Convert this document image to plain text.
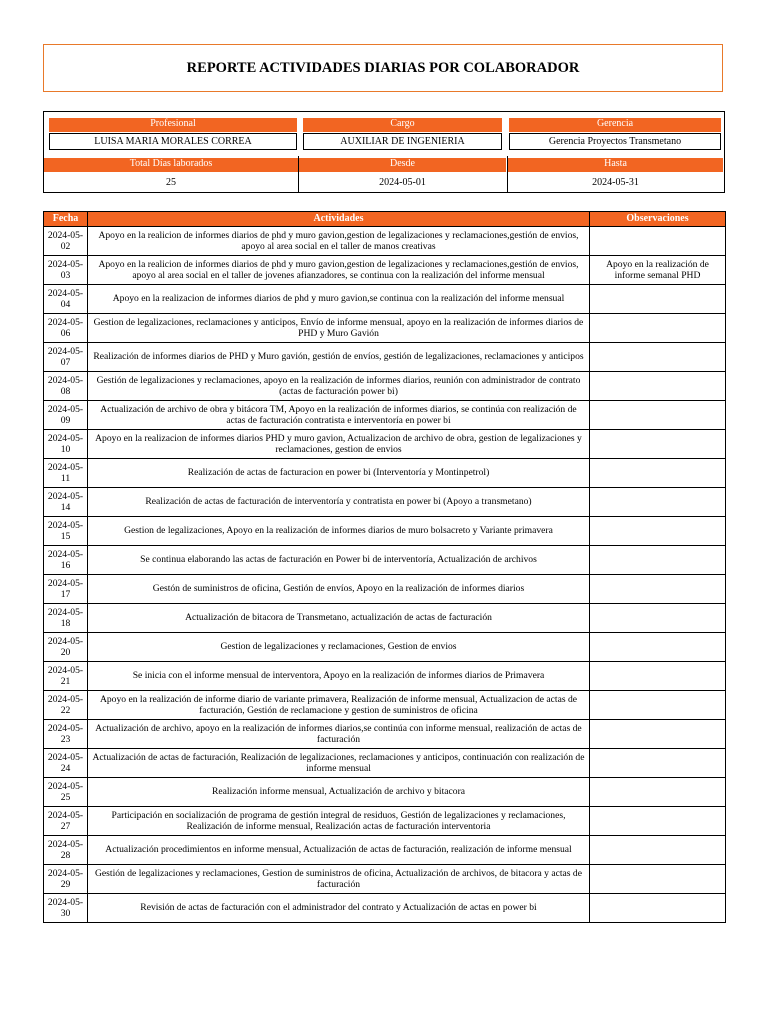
REPORTE ACTIVIDADES DIARIAS POR COLABORADOR
Profesional
LUISA MARIA MORALES CORREA
Cargo
AUXILIAR DE INGENIERIA
Gerencia
Gerencia Proyectos Transmetano
Total Días laborados
25
Desde
2024-05-01
Hasta
2024-05-31
Fecha	Actividades	Observaciones
2024-05-02	Apoyo en la realicion de informes diarios de phd y muro gavion,gestion de legalizaciones y reclamaciones,gestión de envios, apoyo al area social en el taller de manos creativas	
2024-05-03	Apoyo en la realicion de informes diarios de phd y muro gavion,gestion de legalizaciones y reclamaciones,gestión de envios, apoyo al area social en el taller de jovenes afianzadores, se continua con la realización del informe mensual	Apoyo en la realización de informe semanal PHD
2024-05-04	Apoyo en la realizacion de informes diarios de phd y muro gavion,se continua con la realización del informe mensual	
2024-05-06	Gestion de legalizaciones, reclamaciones y anticipos, Envío de informe mensual, apoyo en la realización de informes diarios de PHD y Muro Gavión	
2024-05-07	Realización de informes diarios de PHD y Muro gavión, gestión de envíos, gestión de legalizaciones, reclamaciones y anticipos	
2024-05-08	Gestión de legalizaciones y reclamaciones, apoyo en la realización de informes diarios, reunión con administrador de contrato (actas de facturación power bi)	
2024-05-09	Actualización de archivo de obra y bitácora TM, Apoyo en la realización de informes diarios, se continúa con realización de actas de facturación contratista e interventoría en power bi	
2024-05-10	Apoyo en la realizacion de informes diarios PHD y muro gavion, Actualizacion de archivo de obra, gestion de legalizaciones y reclamaciones, gestion de envios	
2024-05-11	Realización de actas de facturacion en power bi (Interventoría y Montinpetrol)	
2024-05-14	Realización de actas de facturación de interventoría y contratista en power bi (Apoyo a transmetano)	
2024-05-15	Gestion de legalizaciones, Apoyo en la realización de informes diarios de muro bolsacreto y Variante primavera	
2024-05-16	Se continua elaborando las actas de facturación en Power bi de interventoría, Actualización de archivos	
2024-05-17	Gestón de suministros de oficina, Gestión de envíos, Apoyo en la realización de informes diarios	
2024-05-18	Actualización de bitacora de Transmetano, actualización de actas de facturación	
2024-05-20	Gestion de legalizaciones y reclamaciones, Gestion de envios	
2024-05-21	Se inicia con el informe mensual de interventora, Apoyo en la realización de informes diarios de Primavera	
2024-05-22	Apoyo en la realización de informe diario de variante primavera, Realización de informe mensual, Actualizacion de actas de facturación, Gestión de reclamacione y gestion de suministros de oficina	
2024-05-23	Actualización de archivo, apoyo en la realización de informes diarios,se continúa con informe mensual, realización de actas de facturación	
2024-05-24	Actualización de actas de facturación, Realización de legalizaciones, reclamaciones y anticipos, continuación con realización de informe mensual	
2024-05-25	Realización informe mensual, Actualización de archivo y bitacora	
2024-05-27	Participación en socialización de programa de gestión integral de residuos, Gestión de legalizaciones y reclamaciones, Realización de informe mensual, Realización actas de facturación interventoria	
2024-05-28	Actualización procedimientos en informe mensual, Actualización de actas de facturación, realización de informe mensual	
2024-05-29	Gestión de legalizaciones y reclamaciones, Gestion de suministros de oficina, Actualización de archivos, de bitacora y actas de facturación	
2024-05-30	Revisión de actas de facturación con el administrador del contrato y Actualización de actas en power bi	
